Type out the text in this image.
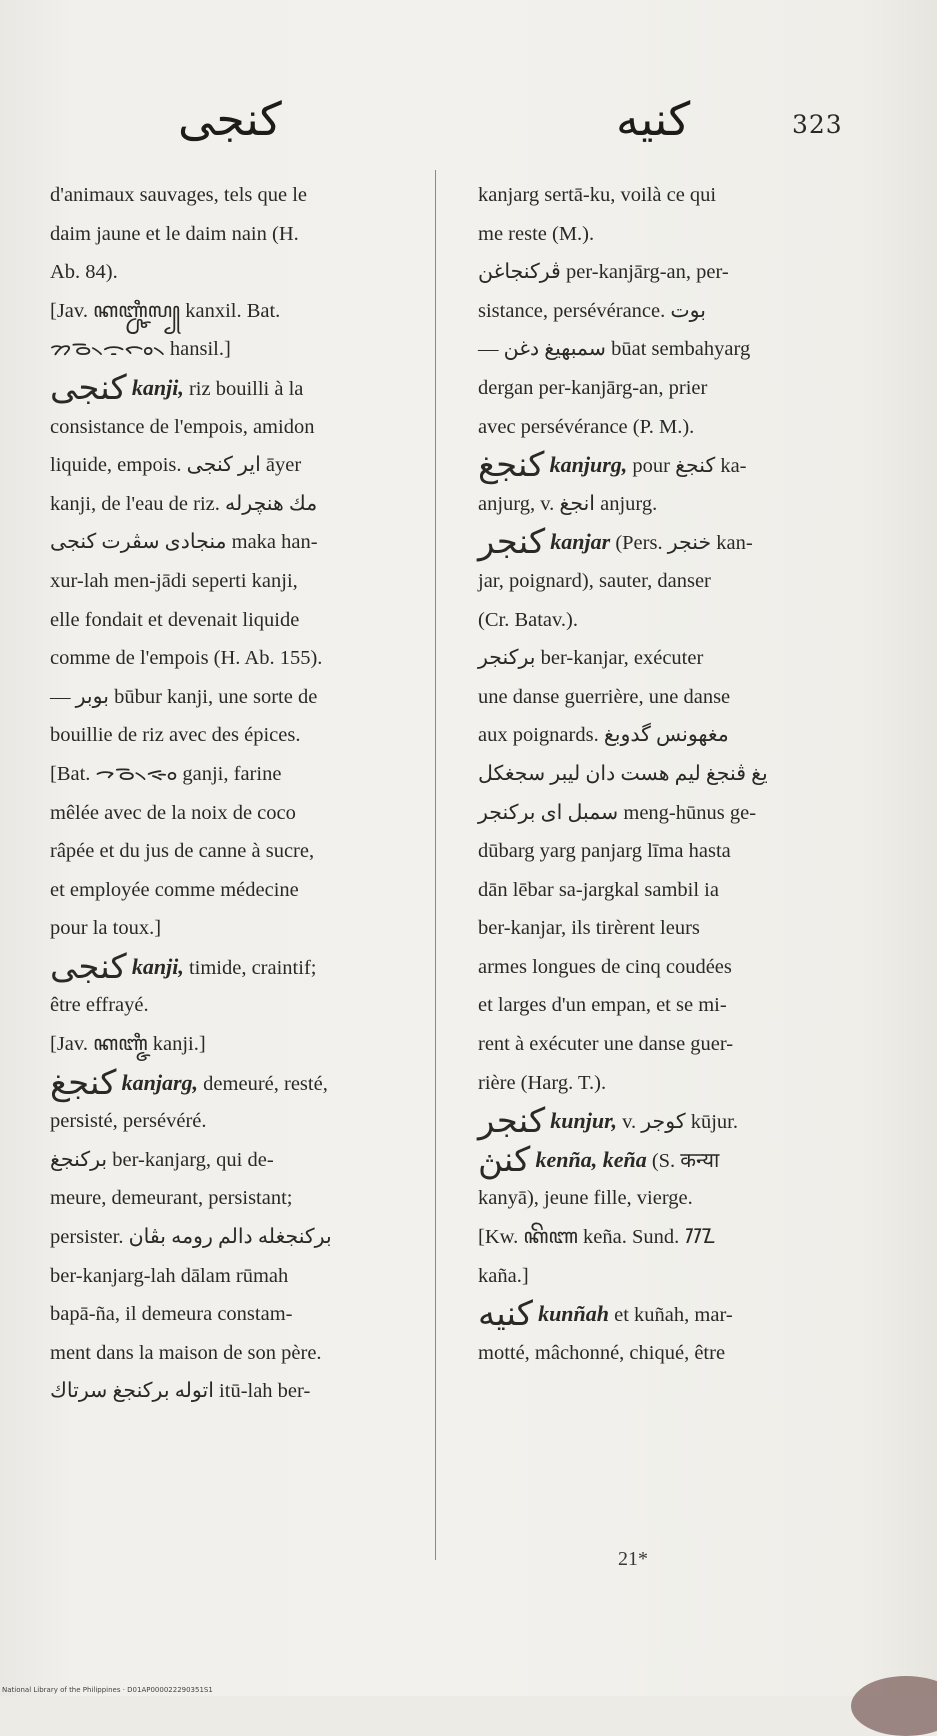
كنجى	كنيه	323
d'animaux sauvages, tels que le
daim jaune et le daim nain (H.
Ab. 84).
[Jav. ꦏꦚ꧀ꦕꦶꦭ꧀ kanxil. Bat.
ᯂᯉ᯲ᯙᯪᯞ᯲ hansil.]
كنجى kanji, riz bouilli à la
consistance de l'empois, amidon
liquide, empois. اير كنجى āyer
kanji, de l'eau de riz. مك هنچرله
منجادى سڤرت كنجى maka han-
xur-lah men-jādi seperti kanji,
elle fondait et devenait liquide
comme de l'empois (H. Ab. 155).
— بوبر būbur kanji, une sorte de
bouillie de riz avec des épices.
[Bat. ᯎᯉ᯲ᯐᯪ ganji, farine
mêlée avec de la noix de coco
râpée et du jus de canne à sucre,
et employée comme médecine
pour la toux.]
كنجى kanji, timide, craintif;
être effrayé.
[Jav. ꦏꦚ꧀ꦗꦶ kanji.]
كنجغ kanjarg, demeuré, resté,
persisté, persévéré.
بركنجغ ber-kanjarg, qui de-
meure, demeurant, persistant;
persister. بركنجغله دالم رومه بڤان
ber-kanjarg-lah dālam rūmah
bapā-ña, il demeura constam-
ment dans la maison de son père.
اتوله بركنجغ سرتاك itū-lah ber-
kanjarg sertā-ku, voilà ce qui
me reste (M.).
ڤركنجاغن per-kanjārg-an, per-
sistance, persévérance. بوت
— سمبهيغ دغن būat sembahyarg
dergan per-kanjārg-an, prier
avec persévérance (P. M.).
كنجغ kanjurg, pour كنجغ ka-
anjurg, v. انجغ anjurg.
كنجر kanjar (Pers. خنجر kan-
jar, poignard), sauter, danser
(Cr. Batav.).
بركنجر ber-kanjar, exécuter
une danse guerrière, une danse
aux poignards. مغهونس گدوبغ
يغ ڤنجغ ليم هست دان ليبر سجغكل
سمبل اى بركنجر meng-hūnus ge-
dūbarg yarg panjarg līma hasta
dān lēbar sa-jargkal sambil ia
ber-kanjar, ils tirèrent leurs
armes longues de cinq coudées
et larges d'un empan, et se mi-
rent à exécuter une danse guer-
rière (Harg. T.).
كنجر kunjur, v. كوجر kūjur.
كنڽ kenña, keña (S. कन्या
kanyā), jeune fille, vierge.
[Kw. ꦏꦼꦚ keña. Sund. ᮊᮔ
kaña.]
كنيه kunñah et kuñah, mar-
motté, mâchonné, chiqué, être
21*
National Library of the Philippines · D01AP000022290351S1
